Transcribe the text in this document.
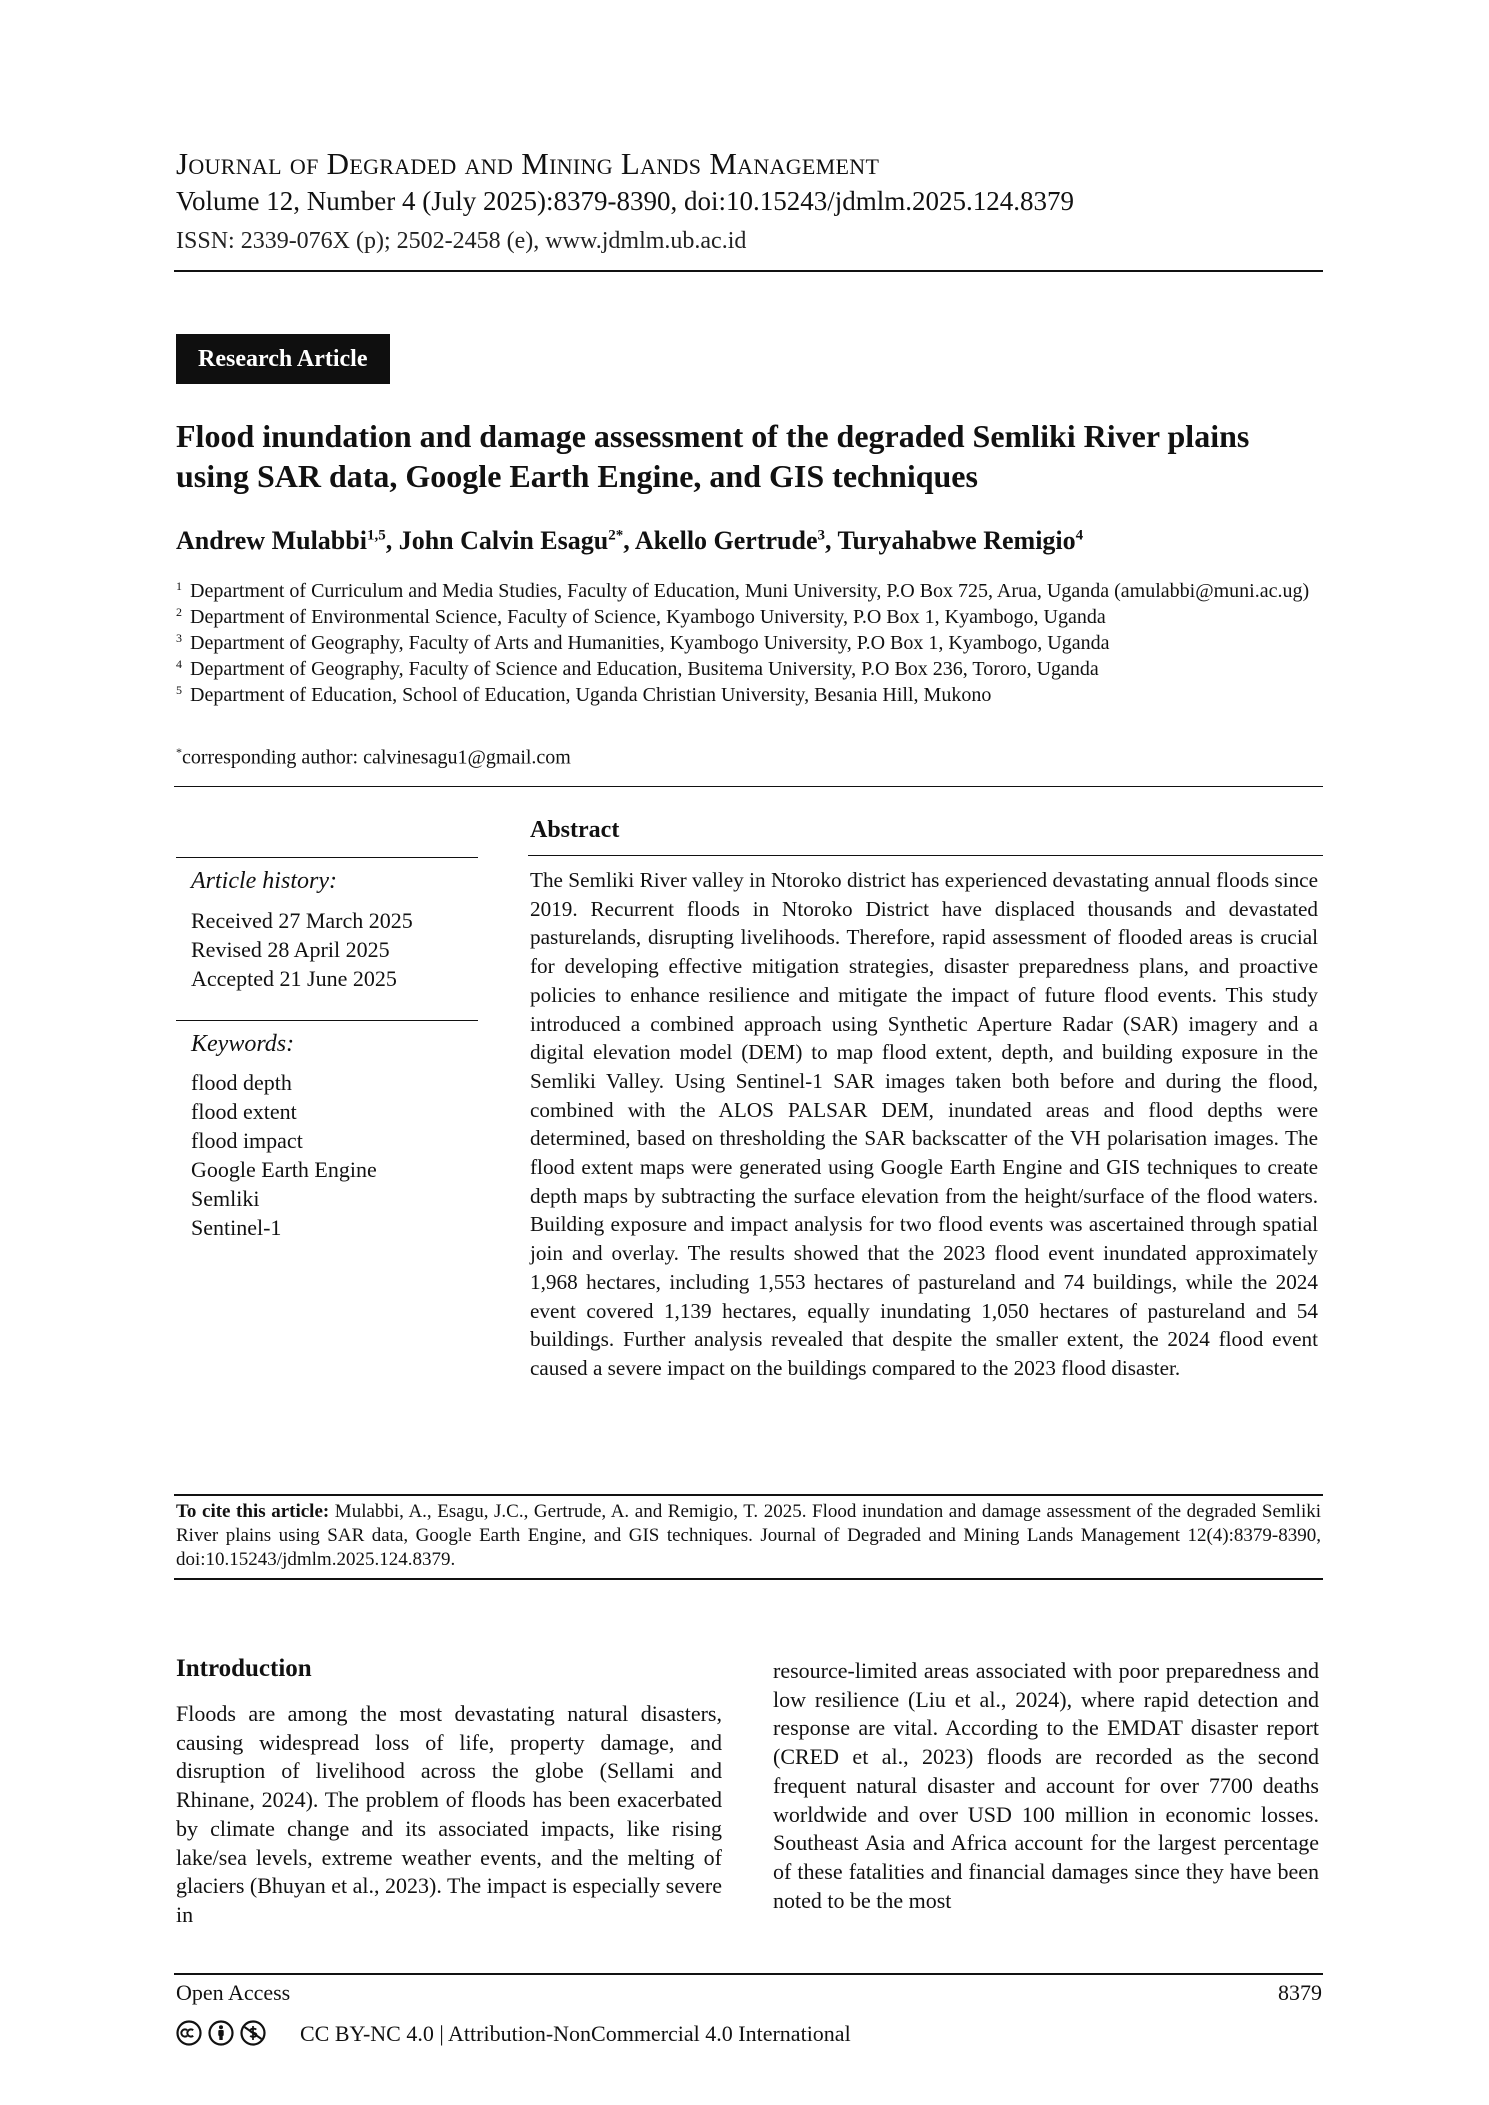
Journal of Degraded and Mining Lands Management
Volume 12, Number 4 (July 2025):8379-8390, doi:10.15243/jdmlm.2025.124.8379
ISSN: 2339-076X (p); 2502-2458 (e), www.jdmlm.ub.ac.id
Research Article
Flood inundation and damage assessment of the degraded Semliki River plains using SAR data, Google Earth Engine, and GIS techniques
Andrew Mulabbi$^{1,5}$, John Calvin Esagu$^{2*}$, Akello Gertrude$^3$, Turyahabwe Remigio$^4$
1 Department of Curriculum and Media Studies, Faculty of Education, Muni University, P.O Box 725, Arua, Uganda (amulabbi@muni.ac.ug)
2 Department of Environmental Science, Faculty of Science, Kyambogo University, P.O Box 1, Kyambogo, Uganda
3 Department of Geography, Faculty of Arts and Humanities, Kyambogo University, P.O Box 1, Kyambogo, Uganda
4 Department of Geography, Faculty of Science and Education, Busitema University, P.O Box 236, Tororo, Uganda
5 Department of Education, School of Education, Uganda Christian University, Besania Hill, Mukono
*corresponding author: calvinesagu1@gmail.com
Article history:
Received 27 March 2025
Revised 28 April 2025
Accepted 21 June 2025
Keywords:
flood depth
flood extent
flood impact
Google Earth Engine
Semliki
Sentinel-1
Abstract
The Semliki River valley in Ntoroko district has experienced devastating annual floods since 2019. Recurrent floods in Ntoroko District have displaced thousands and devastated pasturelands, disrupting livelihoods. Therefore, rapid assessment of flooded areas is crucial for developing effective mitigation strategies, disaster preparedness plans, and proactive policies to enhance resilience and mitigate the impact of future flood events. This study introduced a combined approach using Synthetic Aperture Radar (SAR) imagery and a digital elevation model (DEM) to map flood extent, depth, and building exposure in the Semliki Valley. Using Sentinel-1 SAR images taken both before and during the flood, combined with the ALOS PALSAR DEM, inundated areas and flood depths were determined, based on thresholding the SAR backscatter of the VH polarisation images. The flood extent maps were generated using Google Earth Engine and GIS techniques to create depth maps by subtracting the surface elevation from the height/surface of the flood waters. Building exposure and impact analysis for two flood events was ascertained through spatial join and overlay. The results showed that the 2023 flood event inundated approximately 1,968 hectares, including 1,553 hectares of pastureland and 74 buildings, while the 2024 event covered 1,139 hectares, equally inundating 1,050 hectares of pastureland and 54 buildings. Further analysis revealed that despite the smaller extent, the 2024 flood event caused a severe impact on the buildings compared to the 2023 flood disaster.
To cite this article: Mulabbi, A., Esagu, J.C., Gertrude, A. and Remigio, T. 2025. Flood inundation and damage assessment of the degraded Semliki River plains using SAR data, Google Earth Engine, and GIS techniques. Journal of Degraded and Mining Lands Management 12(4):8379-8390, doi:10.15243/jdmlm.2025.124.8379.
Introduction
Floods are among the most devastating natural disasters, causing widespread loss of life, property damage, and disruption of livelihood across the globe (Sellami and Rhinane, 2024). The problem of floods has been exacerbated by climate change and its associated impacts, like rising lake/sea levels, extreme weather events, and the melting of glaciers (Bhuyan et al., 2023). The impact is especially severe in
resource-limited areas associated with poor preparedness and low resilience (Liu et al., 2024), where rapid detection and response are vital. According to the EMDAT disaster report (CRED et al., 2023) floods are recorded as the second frequent natural disaster and account for over 7700 deaths worldwide and over USD 100 million in economic losses. Southeast Asia and Africa account for the largest percentage of these fatalities and financial damages since they have been noted to be the most
Open Access	8379
CC BY-NC 4.0 | Attribution-NonCommercial 4.0 International
